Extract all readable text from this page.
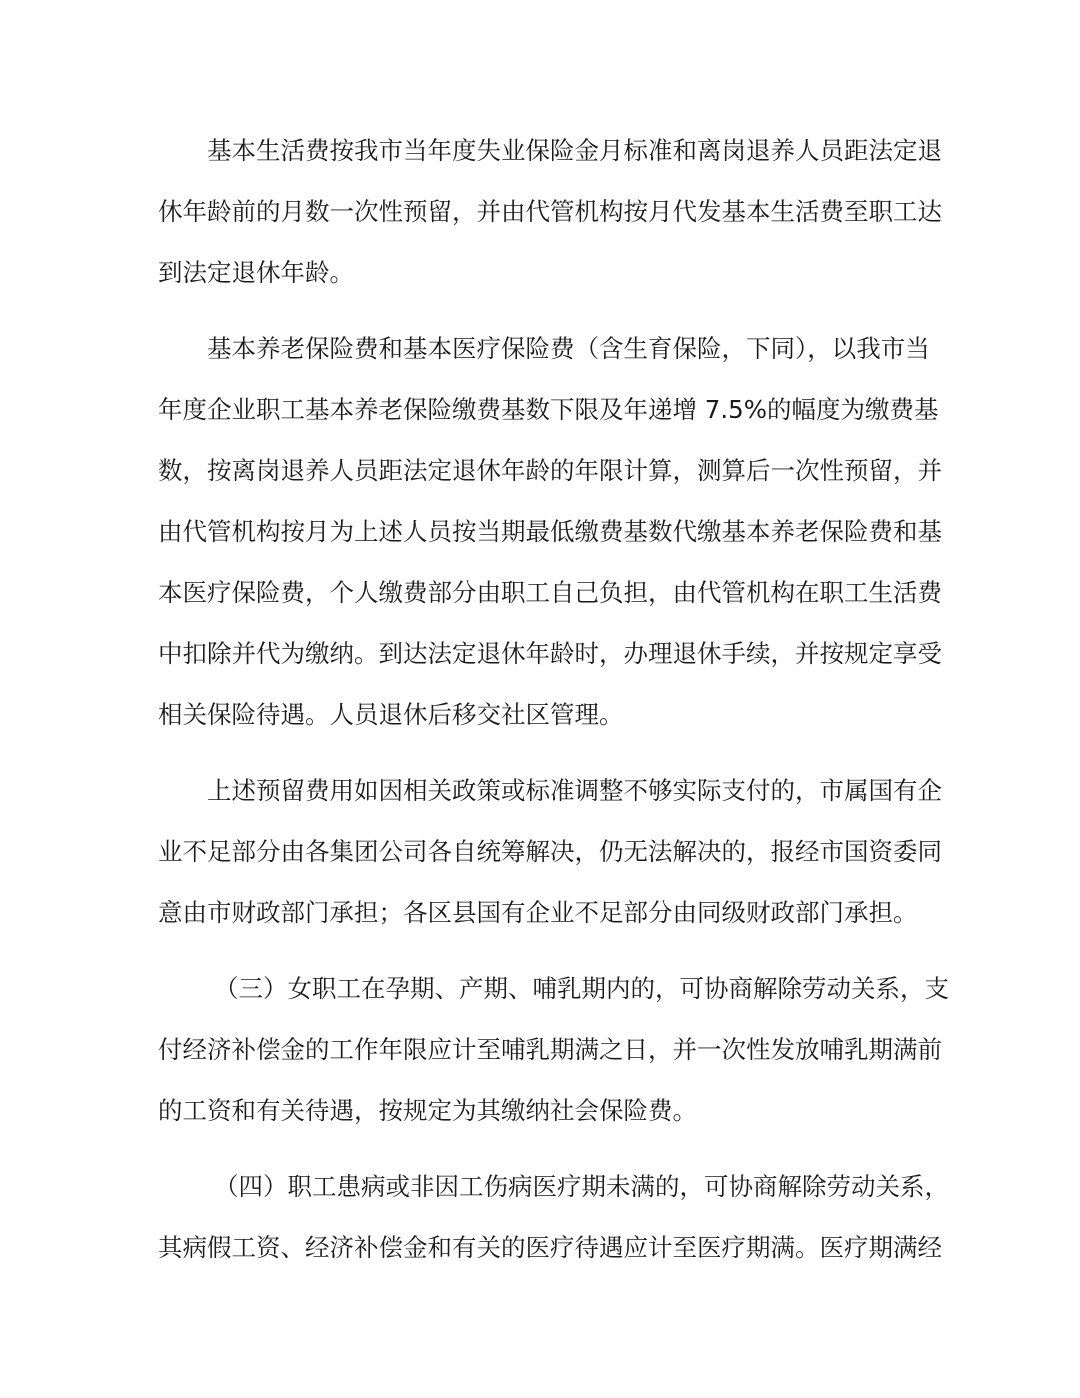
基本生活费按我市当年度失业保险金月标准和离岗退养人员距法定退
休年龄前的月数一次性预留，并由代管机构按月代发基本生活费至职工达
到法定退休年龄。
基本养老保险费和基本医疗保险费（含生育保险，下同），以我市当
年度企业职工基本养老保险缴费基数下限及年递增 7.5%的幅度为缴费基
数，按离岗退养人员距法定退休年龄的年限计算，测算后一次性预留，并
由代管机构按月为上述人员按当期最低缴费基数代缴基本养老保险费和基
本医疗保险费，个人缴费部分由职工自己负担，由代管机构在职工生活费
中扣除并代为缴纳。到达法定退休年龄时，办理退休手续，并按规定享受
相关保险待遇。人员退休后移交社区管理。
上述预留费用如因相关政策或标准调整不够实际支付的，市属国有企
业不足部分由各集团公司各自统筹解决，仍无法解决的，报经市国资委同
意由市财政部门承担；各区县国有企业不足部分由同级财政部门承担。
（三）女职工在孕期、产期、哺乳期内的，可协商解除劳动关系，支
付经济补偿金的工作年限应计至哺乳期满之日，并一次性发放哺乳期满前
的工资和有关待遇，按规定为其缴纳社会保险费。
（四）职工患病或非因工伤病医疗期未满的，可协商解除劳动关系，
其病假工资、经济补偿金和有关的医疗待遇应计至医疗期满。医疗期满经
